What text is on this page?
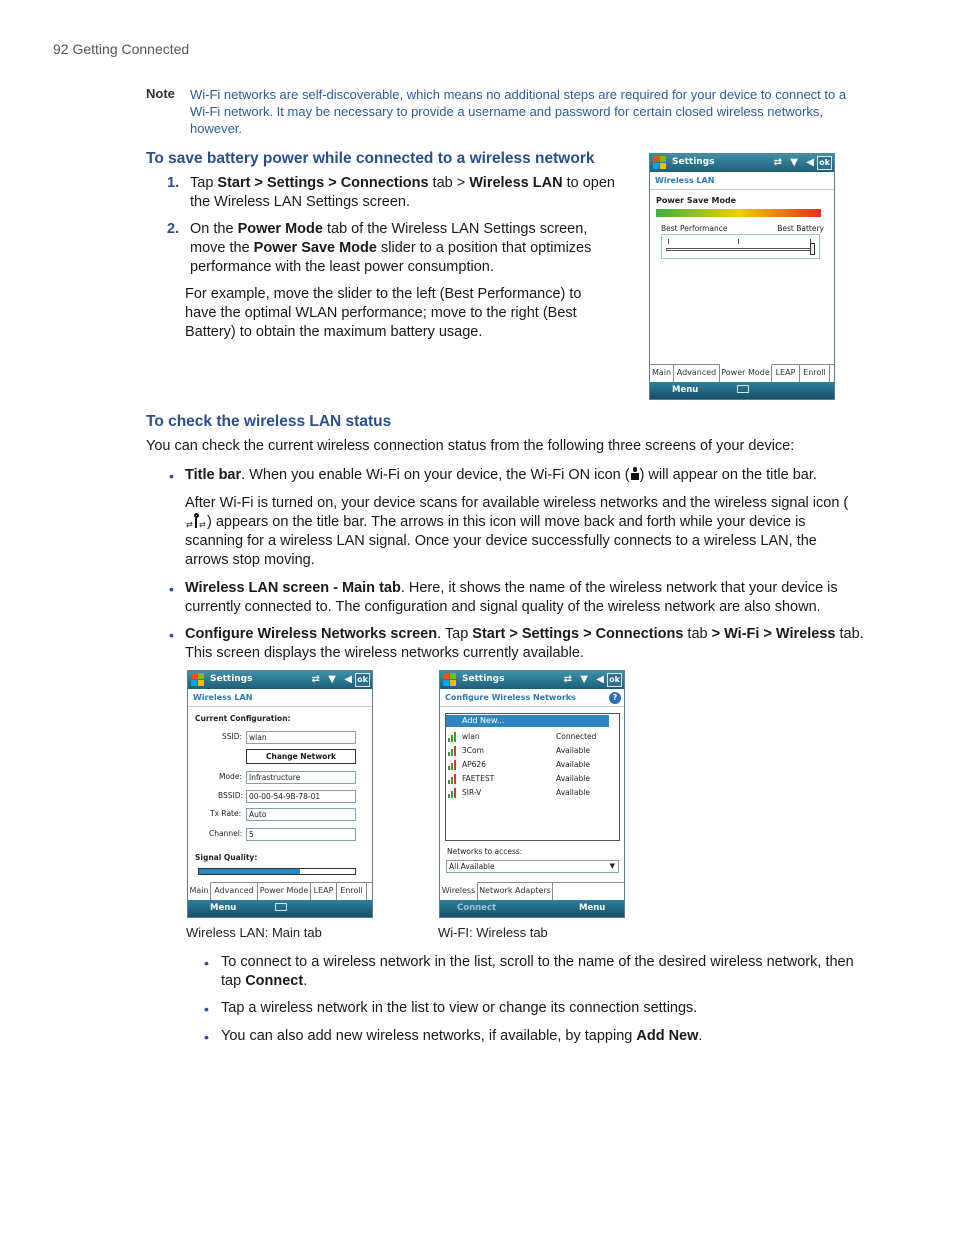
92 Getting Connected
Note Wi-Fi networks are self-discoverable, which means no additional steps are required for your device to connect to a Wi-Fi network. It may be necessary to provide a username and password for certain closed wireless networks, however.
To save battery power while connected to a wireless network
1. Tap Start > Settings > Connections tab > Wireless LAN to open the Wireless LAN Settings screen.
2. On the Power Mode tab of the Wireless LAN Settings screen, move the Power Save Mode slider to a position that optimizes performance with the least power consumption.
For example, move the slider to the left (Best Performance) to have the optimal WLAN performance; move to the right (Best Battery) to obtain the maximum battery usage.
Settings	⇄ ▼ ◀ ok
Wireless LAN
Power Save Mode
Best Performance	Best Battery
Main Advanced Power Mode LEAP Enroll
Menu
To check the wireless LAN status
You can check the current wireless connection status from the following three screens of your device:
• Title bar. When you enable Wi-Fi on your device, the Wi-Fi ON icon ( ) will appear on the title bar.
After Wi-Fi is turned on, your device scans for available wireless networks and the wireless signal icon (
⇄ ⇄ ) appears on the title bar. The arrows in this icon will move back and forth while your device is scanning for a wireless LAN signal. Once your device successfully connects to a wireless LAN, the arrows stop moving.
• Wireless LAN screen - Main tab. Here, it shows the name of the wireless network that your device is currently connected to. The configuration and signal quality of the wireless network are also shown.
• Configure Wireless Networks screen. Tap Start > Settings > Connections tab > Wi-Fi > Wireless tab. This screen displays the wireless networks currently available.
Settings	⇄ ▼ ◀ ok
Wireless LAN
Current Configuration:
SSID: wlan
Change Network
Mode: Infrastructure
BSSID: 00-00-54-9B-78-01
Tx Rate:	Auto
Channel: 5
Signal Quality:
Main Advanced Power Mode LEAP Enroll
Menu
Wireless LAN: Main tab
Settings	⇄ ▼ ◀ ok
Configure Wireless Networks	?
Add New...
wlan	Connected
3Com	Available
AP626	Available
FAETEST	Available
SIR-V	Available
Networks to access:
All Available	▼
Wireless Network Adapters
Connect	Menu
Wi-FI: Wireless tab
• To connect to a wireless network in the list, scroll to the name of the desired wireless network, then tap Connect.
• Tap a wireless network in the list to view or change its connection settings.
• You can also add new wireless networks, if available, by tapping Add New.
